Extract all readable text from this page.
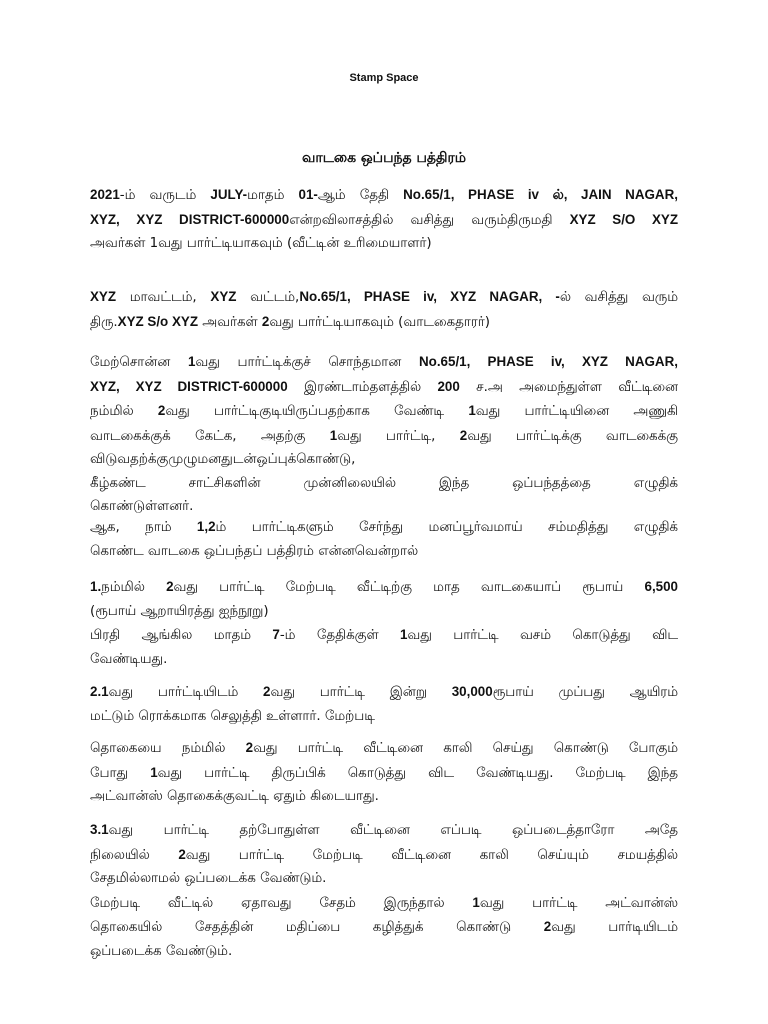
Stamp Space
வாடகை ஒப்பந்த பத்திரம்
2021-ம் வருடம் JULY-மாதம் 01-ஆம் தேதி No.65/1, PHASE iv ல், JAIN NAGAR,
XYZ, XYZ DISTRICT-600000என்றவிலாசத்தில் வசித்து வரும்திருமதி XYZ S/O XYZ
அவர்கள் 1வது பார்ட்டியாகவும் (வீட்டின் உரிமையாளர்)
XYZ மாவட்டம், XYZ வட்டம்,No.65/1, PHASE iv, XYZ NAGAR, -ல் வசித்து வரும்
திரு.XYZ S/o XYZ அவர்கள் 2வது பார்ட்டியாகவும் (வாடகைதாரர்)
மேற்சொன்ன 1வது பார்ட்டிக்குச் சொந்தமான No.65/1, PHASE iv, XYZ NAGAR,
XYZ, XYZ DISTRICT-600000 இரண்டாம்தளத்தில் 200 ச.அ அமைந்துள்ள வீட்டினை
நம்மில் 2வது பார்ட்டிகுடியிருப்பதற்காக வேண்டி 1வது பார்ட்டியினை அணுகி
வாடகைக்குக் கேட்க, அதற்கு 1வது பார்ட்டி, 2வது பார்ட்டிக்கு வாடகைக்கு
விடுவதற்க்குமுழுமனதுடன்ஒப்புக்கொண்டு,
கீழ்கண்ட சாட்சிகளின் முன்னிலையில் இந்த ஒப்பந்தத்தை எழுதிக்
கொண்டுள்ளனர்.
ஆக, நாம் 1,2ம் பார்ட்டிகளும் சேர்ந்து மனப்பூர்வமாய் சம்மதித்து எழுதிக்
கொண்ட வாடகை ஒப்பந்தப் பத்திரம் என்னவென்றால்
1.நம்மில் 2வது பார்ட்டி மேற்படி வீட்டிற்கு மாத வாடகையாப் ரூபாய் 6,500
(ரூபாய் ஆறாயிரத்து ஐந்நூறு)
பிரதி ஆங்கில மாதம் 7-ம் தேதிக்குள் 1வது பார்ட்டி வசம் கொடுத்து விட
வேண்டியது.
2.1வது பார்ட்டியிடம் 2வது பார்ட்டி இன்று 30,000ரூபாய் முப்பது ஆயிரம்
மட்டும் ரொக்கமாக செலுத்தி உள்ளார். மேற்படி
தொகையை நம்மில் 2வது பார்ட்டி வீட்டினை காலி செய்து கொண்டு போகும்
போது 1வது பார்ட்டி திருப்பிக் கொடுத்து விட வேண்டியது. மேற்படி இந்த
அட்வான்ஸ் தொகைக்குவட்டி ஏதும் கிடையாது.
3.1வது பார்ட்டி தற்போதுள்ள வீட்டினை எப்படி ஒப்படைத்தாரோ அதே
நிலையில் 2வது பார்ட்டி மேற்படி வீட்டினை காலி செய்யும் சமயத்தில்
சேதமில்லாமல் ஒப்படைக்க வேண்டும்.
மேற்படி வீட்டில் ஏதாவது சேதம் இருந்தால் 1வது பார்ட்டி அட்வான்ஸ்
தொகையில் சேதத்தின் மதிப்பை கழித்துக் கொண்டு 2வது பார்டியிடம்
ஒப்படைக்க வேண்டும்.
